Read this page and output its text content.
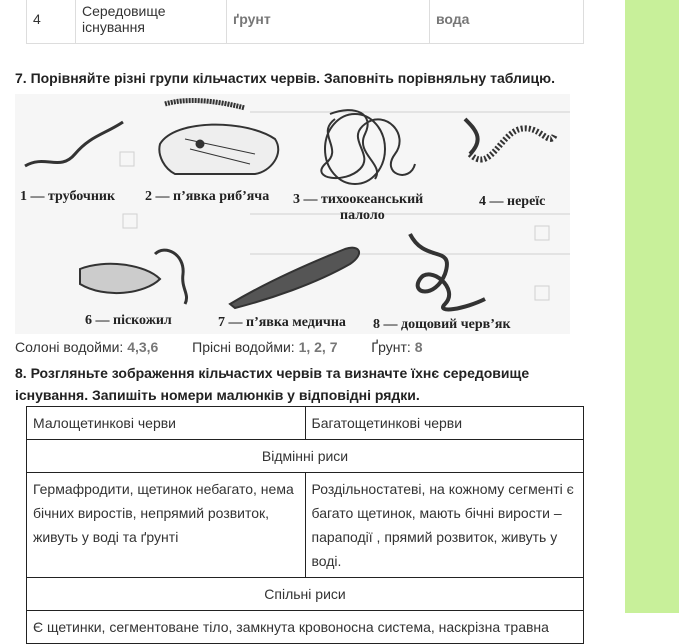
4	Середовище існування	ґрунт	вода
7. Порівняйте різні групи кільчастих червів. Заповніть порівняльну таблицю.
1 — трубочник 2 — п’явка риб’яча 3 — тихоокеанський
палоло
4 — нереїс
6 — піскожил	7 — п’явка медична 8 — дощовий черв’як
Солоні водойми: 4,3,6 Прісні водойми: 1, 2, 7 Ґрунт: 8
8. Розгляньте зображення кільчастих червів та визначте їхнє середовище існування. Запишіть номери малюнків у відповідні рядки.
Малощетинкові черви	Багатощетинкові черви
Відмінні риси	
Гермафродити, щетинок небагато, нема бічних виростів, непрямий розвиток, живуть у воді та ґрунті	Роздільностатеві, на кожному сегменті є багато щетинок, мають бічні вирости – параподії , прямий розвиток, живуть у воді.
Спільні риси	
Є щетинки, сегментоване тіло, замкнута кровоносна система, наскрізна травна	
